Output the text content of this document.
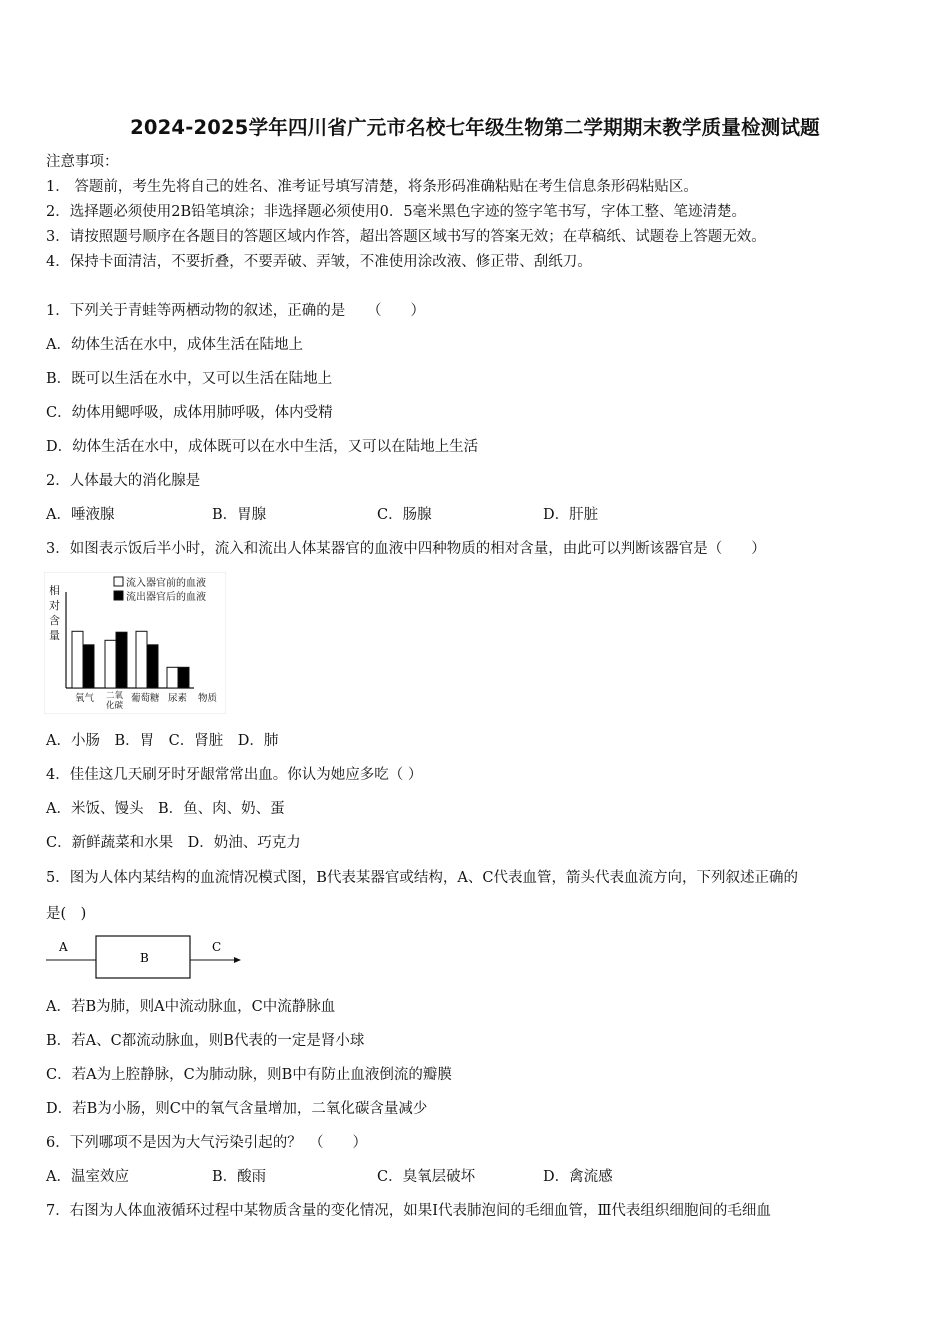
2024-2025学年四川省广元市名校七年级生物第二学期期末教学质量检测试题
注意事项：
1． 答题前，考生先将自己的姓名、准考证号填写清楚，将条形码准确粘贴在考生信息条形码粘贴区。
2．选择题必须使用2B铅笔填涂；非选择题必须使用0．5毫米黑色字迹的签字笔书写，字体工整、笔迹清楚。
3．请按照题号顺序在各题目的答题区域内作答，超出答题区域书写的答案无效；在草稿纸、试题卷上答题无效。
4．保持卡面清洁，不要折叠，不要弄破、弄皱，不准使用涂改液、修正带、刮纸刀。
1．下列关于青蛙等两栖动物的叙述，正确的是　　（　　）
A．幼体生活在水中，成体生活在陆地上
B．既可以生活在水中，又可以生活在陆地上
C．幼体用鳃呼吸，成体用肺呼吸，体内受精
D．幼体生活在水中，成体既可以在水中生活，又可以在陆地上生活
2．人体最大的消化腺是
A．唾液腺	B．胃腺	C．肠腺	D．肝脏
3．如图表示饭后半小时，流入和流出人体某器官的血液中四种物质的相对含量，由此可以判断该器官是（　　）
相
对
含
量
流入器官前的血液
流出器官后的血液
氧气 二氧
化碳
葡萄糖 尿素 物质
A．小肠　B．胃　C．肾脏　D．肺
4．佳佳这几天刷牙时牙龈常常出血。你认为她应多吃（ ）
A．米饭、馒头　B．鱼、肉、奶、蛋
C．新鲜蔬菜和水果　D．奶油、巧克力
5．图为人体内某结构的血流情况模式图，B代表某器官或结构，A、C代表血管，箭头代表血流方向，下列叙述正确的
是(　)
A
B
C
A．若B为肺，则A中流动脉血，C中流静脉血
B．若A、C都流动脉血，则B代表的一定是肾小球
C．若A为上腔静脉，C为肺动脉，则B中有防止血液倒流的瓣膜
D．若B为小肠，则C中的氧气含量增加，二氧化碳含量减少
6．下列哪项不是因为大气污染引起的？　（　　）
A．温室效应	B．酸雨	C．臭氧层破坏	D．禽流感
7．右图为人体血液循环过程中某物质含量的变化情况，如果Ⅰ代表肺泡间的毛细血管，Ⅲ代表组织细胞间的毛细血
